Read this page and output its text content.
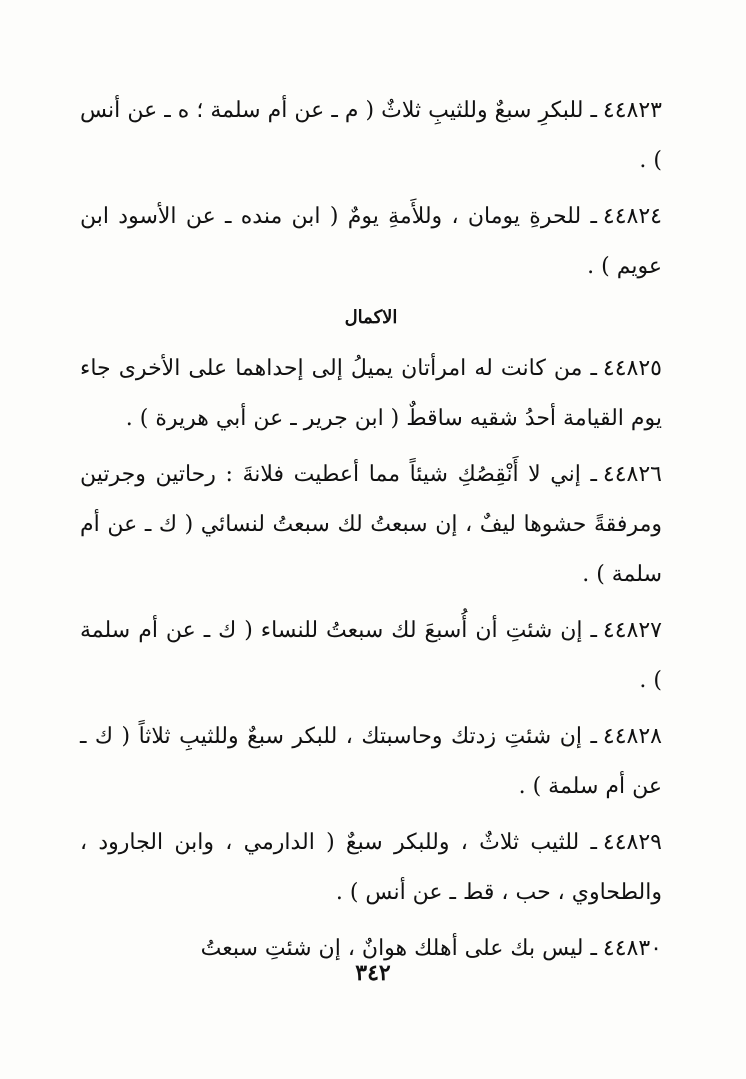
٤٤٨٢٣ـ للبكرِ سبعٌ وللثيبِ ثلاثٌ ( م ـ عن أم سلمة ؛ ه ـ عن أنس ) .

٤٤٨٢٤ـ للحرةِ يومان ، وللأَمةِ يومٌ ( ابن منده ـ عن الأسود ابن عويم ) .

الاكمال

٤٤٨٢٥ـ من كانت له امرأتان يميلُ إلى إحداهما على الأخرى جاء يوم القيامة أحدُ شقيه ساقطٌ ( ابن جرير ـ عن أبي هريرة ) .

٤٤٨٢٦ـ إني لا أَنْقِصُكِ شيئاً مما أعطيت فلانةَ : رحاتين وجرتين ومرفقةً حشوها ليفٌ ، إن سبعتُ لك سبعتُ لنسائي ( ك ـ عن أم سلمة ) .

٤٤٨٢٧ـ إن شئتِ أن أُسبعَ لك سبعتُ للنساء ( ك ـ عن أم سلمة ) .

٤٤٨٢٨ـ إن شئتِ زدتك وحاسبتك ، للبكر سبعٌ وللثيبِ ثلاثاً ( ك ـ عن أم سلمة ) .

٤٤٨٢٩ـ للثيب ثلاثٌ ، وللبكر سبعٌ ( الدارمي ، وابن الجارود ، والطحاوي ، حب ، قط ـ عن أنس ) .

٤٤٨٣٠ـ ليس بك على أهلك هوانٌ ، إن شئتِ سبعتُ

٣٤٢
